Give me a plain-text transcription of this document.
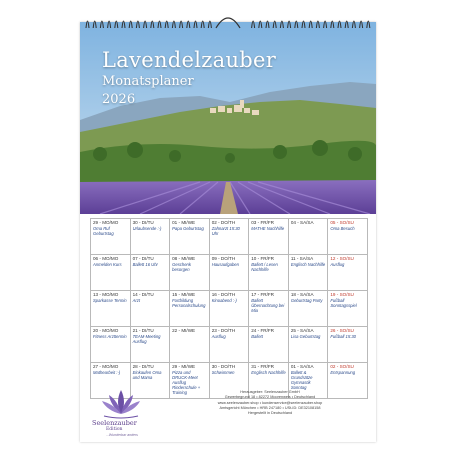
Lavendelzauber
Monatsplaner
2026
29 - MO/MO
Oma Ruf Geburtstag	30 - DI/TU
Urlaubsende :-)	01 - MI/WE
Papa Geburtstag	02 - DO/TH
Zahnarzt 15:30 Uhr	03 - FR/FR
MATHE Nachhilfe	04 - SA/SA	05 - SO/SU
Oma Besuch

06 - MO/MO
Anmelden Kurs	07 - DI/TU
Ballett 16 Uhr	08 - MI/WE
Geschenk besorgen	09 - DO/TH
Hausaufgaben	10 - FR/FR
Ballett / Lesen Nachhilfe	11 - SA/SA
Englisch Nachhilfe	12 - SO/SU
Ausflug

13 - MO/MO
Sparkasse Termin	14 - DI/TU
Arzt	15 - MI/WE
Fortbildung Personalschulung	16 - DO/TH
Kinoabend :-)	17 - FR/FR
Ballett Übernachtung bei Mia	18 - SA/SA
Geburtstag Party	19 - SO/SU
Fußball Sonntagsspiel

20 - MO/MO
Fitness Arzttermin	21 - DI/TU
TEAM-Meeting Ausflug	22 - MI/WE	23 - DO/TH
Ausflug	24 - FR/FR
Ballett	25 - SA/SA
Lisa Geburtstag	26 - SO/SU
Fußball 15:30

27 - MO/MO
Mathearbeit :-)	28 - DI/TU
Einkaufen Oma und Mama	29 - MI/WE
Pizza und DRUCK-Meet Ausflug Rinderschule + Training	30 - DO/TH
Schwimmen	31 - FR/FR
Englisch Nachhilfe	01 - SA/SA
Ballett & Grundsätze Gymnastik Sonntag	02 - SO/SU
Entspannung
Seelenzauber
Edition
...Wunderbar anders
Herausgeber: Seelenzauber GmbH
Gewerbegrund 18 • 82272 Moorenweis • Deutschland
www.seelenzauber.shop • kundenservice@seelenzauber.shop
Amtsgericht München • HRB 247180 • USt-ID: DE32108158
Hergestellt in Deutschland
